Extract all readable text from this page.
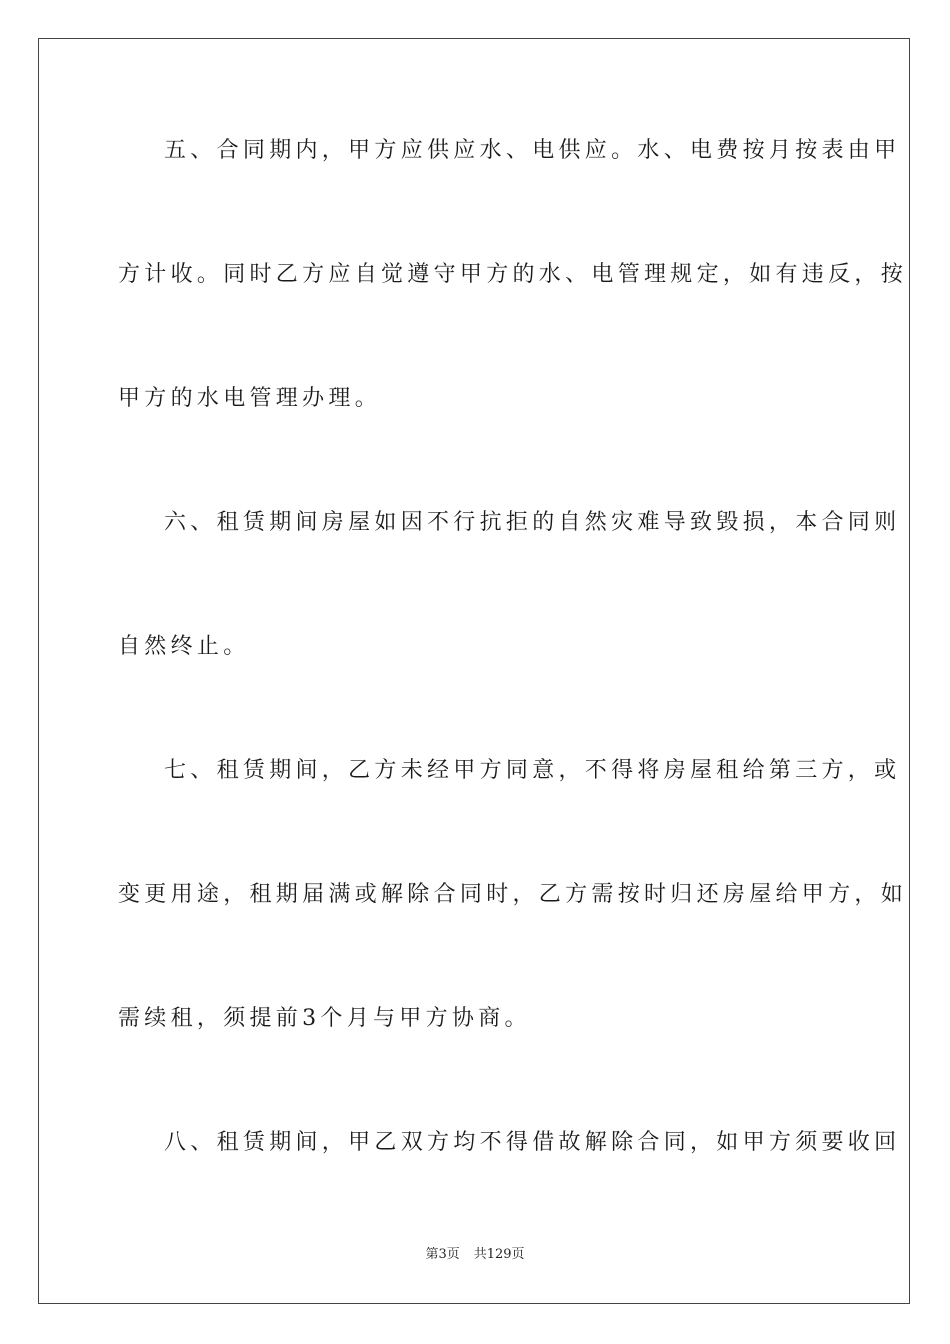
五、合同期内，甲方应供应水、电供应。水、电费按月按表由甲
方计收。同时乙方应自觉遵守甲方的水、电管理规定，如有违反，按
甲方的水电管理办理。
六、租赁期间房屋如因不行抗拒的自然灾难导致毁损，本合同则
自然终止。
七、租赁期间，乙方未经甲方同意，不得将房屋租给第三方，或
变更用途，租期届满或解除合同时，乙方需按时归还房屋给甲方，如
需续租，须提前3个月与甲方协商。
八、租赁期间，甲乙双方均不得借故解除合同，如甲方须要收回
第3页 共129页
